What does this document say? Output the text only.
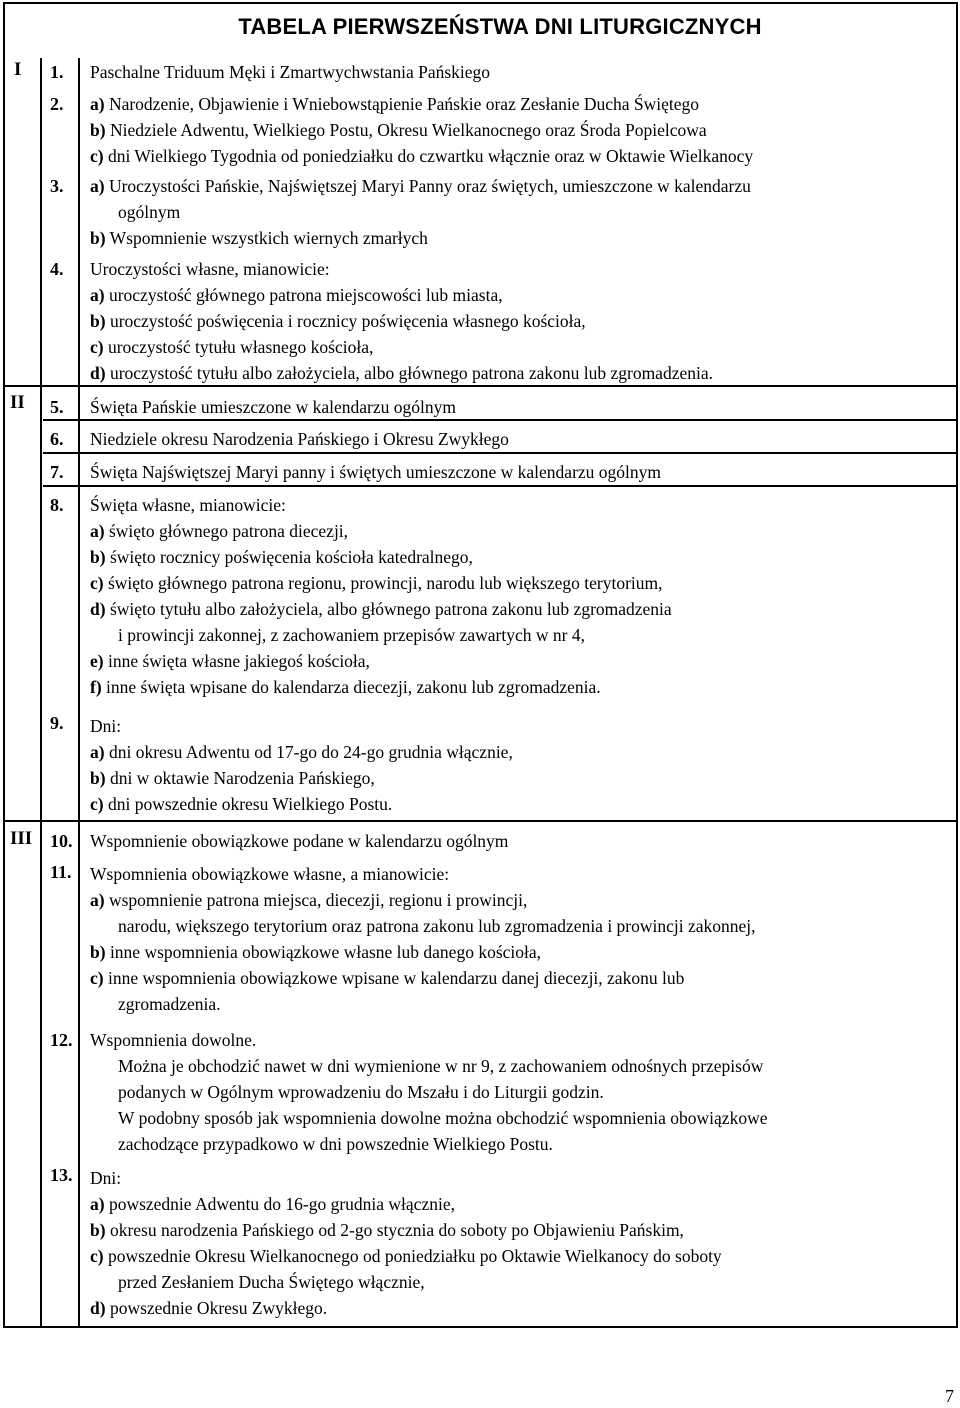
TABELA PIERWSZEŃSTWA DNI LITURGICZNYCH
I
II
III
1. Paschalne Triduum Męki i Zmartwychwstania Pańskiego
2. a) Narodzenie, Objawienie i Wniebowstąpienie Pańskie oraz Zesłanie Ducha Świętego
b) Niedziele Adwentu, Wielkiego Postu, Okresu Wielkanocnego oraz Środa Popielcowa
c) dni Wielkiego Tygodnia od poniedziałku do czwartku włącznie oraz w Oktawie Wielkanocy
3. a) Uroczystości Pańskie, Najświętszej Maryi Panny oraz świętych, umieszczone w kalendarzu
ogólnym
b) Wspomnienie wszystkich wiernych zmarłych
4. Uroczystości własne, mianowicie:
a) uroczystość głównego patrona miejscowości lub miasta,
b) uroczystość poświęcenia i rocznicy poświęcenia własnego kościoła,
c) uroczystość tytułu własnego kościoła,
d) uroczystość tytułu albo założyciela, albo głównego patrona zakonu lub zgromadzenia.
5. Święta Pańskie umieszczone w kalendarzu ogólnym
6. Niedziele okresu Narodzenia Pańskiego i Okresu Zwykłego
7. Święta Najświętszej Maryi panny i świętych umieszczone w kalendarzu ogólnym
8. Święta własne, mianowicie:
a) święto głównego patrona diecezji,
b) święto rocznicy poświęcenia kościoła katedralnego,
c) święto głównego patrona regionu, prowincji, narodu lub większego terytorium,
d) święto tytułu albo założyciela, albo głównego patrona zakonu lub zgromadzenia
i prowincji zakonnej, z zachowaniem przepisów zawartych w nr 4,
e) inne święta własne jakiegoś kościoła,
f) inne święta wpisane do kalendarza diecezji, zakonu lub zgromadzenia.
9. Dni:
a) dni okresu Adwentu od 17-go do 24-go grudnia włącznie,
b) dni w oktawie Narodzenia Pańskiego,
c) dni powszednie okresu Wielkiego Postu.
10. Wspomnienie obowiązkowe podane w kalendarzu ogólnym
11. Wspomnienia obowiązkowe własne, a mianowicie:
a) wspomnienie patrona miejsca, diecezji, regionu i prowincji,
narodu, większego terytorium oraz patrona zakonu lub zgromadzenia i prowincji zakonnej,
b) inne wspomnienia obowiązkowe własne lub danego kościoła,
c) inne wspomnienia obowiązkowe wpisane w kalendarzu danej diecezji, zakonu lub
zgromadzenia.
12. Wspomnienia dowolne.
Można je obchodzić nawet w dni wymienione w nr 9, z zachowaniem odnośnych przepisów
podanych w Ogólnym wprowadzeniu do Mszału i do Liturgii godzin.
W podobny sposób jak wspomnienia dowolne można obchodzić wspomnienia obowiązkowe
zachodzące przypadkowo w dni powszednie Wielkiego Postu.
13. Dni:
a) powszednie Adwentu do 16-go grudnia włącznie,
b) okresu narodzenia Pańskiego od 2-go stycznia do soboty po Objawieniu Pańskim,
c) powszednie Okresu Wielkanocnego od poniedziałku po Oktawie Wielkanocy do soboty
przed Zesłaniem Ducha Świętego włącznie,
d) powszednie Okresu Zwykłego.
7
